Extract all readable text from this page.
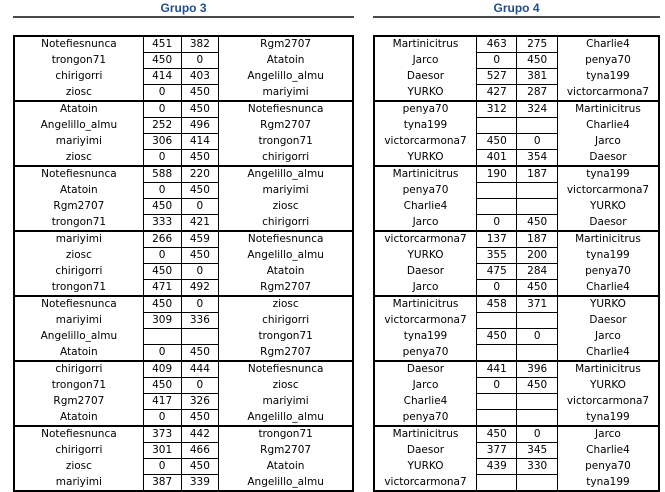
Grupo 3
Notefiesnunca	451	382	Rgm2707
trongon71	450	0	Atatoin
chirigorri	414	403	Angelillo_almu
ziosc	0	450	mariyimi
Atatoin	0	450	Notefiesnunca
Angelillo_almu	252	496	Rgm2707
mariyimi	306	414	trongon71
ziosc	0	450	chirigorri
Notefiesnunca	588	220	Angelillo_almu
Atatoin	0	450	mariyimi
Rgm2707	450	0	ziosc
trongon71	333	421	chirigorri
mariyimi	266	459	Notefiesnunca
ziosc	0	450	Angelillo_almu
chirigorri	450	0	Atatoin
trongon71	471	492	Rgm2707
Notefiesnunca	450	0	ziosc
mariyimi	309	336	chirigorri
Angelillo_almu			trongon71
Atatoin	0	450	Rgm2707
chirigorri	409	444	Notefiesnunca
trongon71	450	0	ziosc
Rgm2707	417	326	mariyimi
Atatoin	0	450	Angelillo_almu
Notefiesnunca	373	442	trongon71
chirigorri	301	466	Rgm2707
ziosc	0	450	Atatoin
mariyimi	387	339	Angelillo_almu
Grupo 4
Martinicitrus	463	275	Charlie4
Jarco	0	450	penya70
Daesor	527	381	tyna199
YURKO	427	287	victorcarmona7
penya70	312	324	Martinicitrus
tyna199			Charlie4
victorcarmona7	450	0	Jarco
YURKO	401	354	Daesor
Martinicitrus	190	187	tyna199
penya70			victorcarmona7
Charlie4			YURKO
Jarco	0	450	Daesor
victorcarmona7	137	187	Martinicitrus
YURKO	355	200	tyna199
Daesor	475	284	penya70
Jarco	0	450	Charlie4
Martinicitrus	458	371	YURKO
victorcarmona7			Daesor
tyna199	450	0	Jarco
penya70			Charlie4
Daesor	441	396	Martinicitrus
Jarco	0	450	YURKO
Charlie4			victorcarmona7
penya70			tyna199
Martinicitrus	450	0	Jarco
Daesor	377	345	Charlie4
YURKO	439	330	penya70
victorcarmona7			tyna199
